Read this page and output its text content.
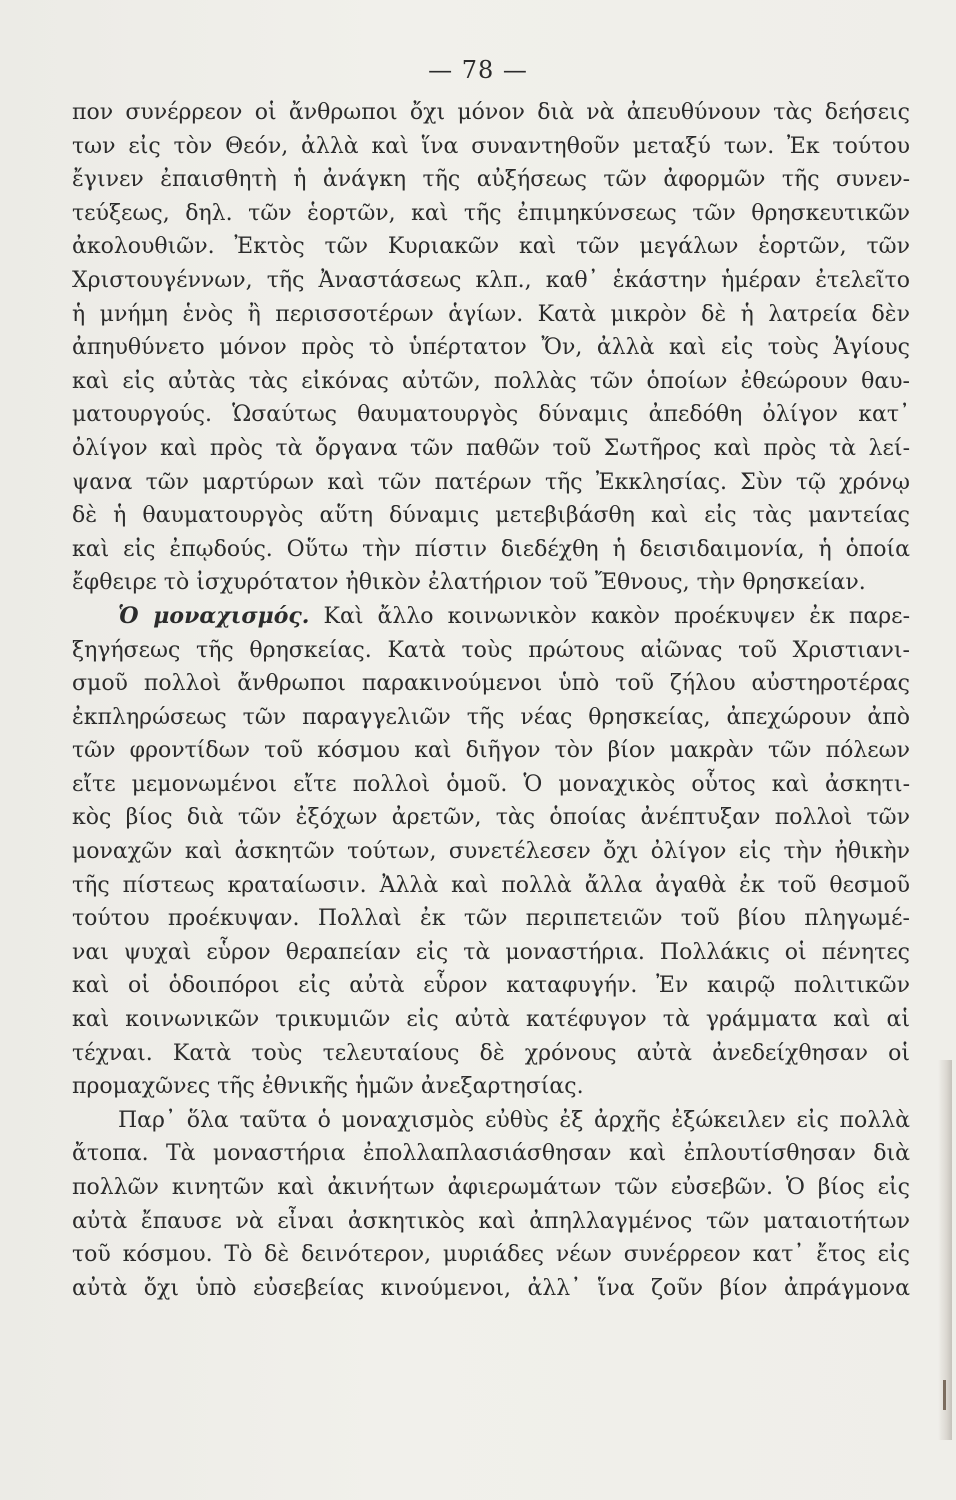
— 78 —
πον συνέρρεον οἱ ἄνθρωποι ὄχι μόνον διὰ νὰ ἀπευθύνουν τὰς δεήσεις
των εἰς τὸν Θεόν, ἀλλὰ καὶ ἵνα συναντηθοῦν μεταξύ των. Ἐκ τούτου
ἔγινεν ἐπαισθητὴ ἡ ἀνάγκη τῆς αὐξήσεως τῶν ἀφορμῶν τῆς συνεν-
τεύξεως, δηλ. τῶν ἑορτῶν, καὶ τῆς ἐπιμηκύνσεως τῶν θρησκευτικῶν
ἀκολουθιῶν. Ἐκτὸς τῶν Κυριακῶν καὶ τῶν μεγάλων ἑορτῶν, τῶν
Χριστουγέννων, τῆς Ἀναστάσεως κλπ., καθ᾿ ἑκάστην ἡμέραν ἐτελεῖτο
ἡ μνήμη ἑνὸς ἢ περισσοτέρων ἁγίων. Κατὰ μικρὸν δὲ ἡ λατρεία δὲν
ἀπηυθύνετο μόνον πρὸς τὸ ὑπέρτατον Ὄν, ἀλλὰ καὶ εἰς τοὺς Ἁγίους
καὶ εἰς αὐτὰς τὰς εἰκόνας αὐτῶν, πολλὰς τῶν ὁποίων ἐθεώρουν θαυ-
ματουργούς. Ὡσαύτως θαυματουργὸς δύναμις ἀπεδόθη ὀλίγον κατ᾿
ὀλίγον καὶ πρὸς τὰ ὄργανα τῶν παθῶν τοῦ Σωτῆρος καὶ πρὸς τὰ λεί-
ψανα τῶν μαρτύρων καὶ τῶν πατέρων τῆς Ἐκκλησίας. Σὺν τῷ χρόνῳ
δὲ ἡ θαυματουργὸς αὕτη δύναμις μετεβιβάσθη καὶ εἰς τὰς μαντείας
καὶ εἰς ἐπῳδούς. Οὕτω τὴν πίστιν διεδέχθη ἡ δεισιδαιμονία, ἡ ὁποία
ἔφθειρε τὸ ἰσχυρότατον ἠθικὸν ἐλατήριον τοῦ Ἔθνους, τὴν θρησκείαν.
Ὁ μοναχισμός. Καὶ ἄλλο κοινωνικὸν κακὸν προέκυψεν ἐκ παρε-
ξηγήσεως τῆς θρησκείας. Κατὰ τοὺς πρώτους αἰῶνας τοῦ Χριστιανι-
σμοῦ πολλοὶ ἄνθρωποι παρακινούμενοι ὑπὸ τοῦ ζήλου αὐστηροτέρας
ἐκπληρώσεως τῶν παραγγελιῶν τῆς νέας θρησκείας, ἀπεχώρουν ἀπὸ
τῶν φροντίδων τοῦ κόσμου καὶ διῆγον τὸν βίον μακρὰν τῶν πόλεων
εἴτε μεμονωμένοι εἴτε πολλοὶ ὁμοῦ. Ὁ μοναχικὸς οὗτος καὶ ἀσκητι-
κὸς βίος διὰ τῶν ἐξόχων ἀρετῶν, τὰς ὁποίας ἀνέπτυξαν πολλοὶ τῶν
μοναχῶν καὶ ἀσκητῶν τούτων, συνετέλεσεν ὄχι ὀλίγον εἰς τὴν ἠθικὴν
τῆς πίστεως κραταίωσιν. Ἀλλὰ καὶ πολλὰ ἄλλα ἀγαθὰ ἐκ τοῦ θεσμοῦ
τούτου προέκυψαν. Πολλαὶ ἐκ τῶν περιπετειῶν τοῦ βίου πληγωμέ-
ναι ψυχαὶ εὗρον θεραπείαν εἰς τὰ μοναστήρια. Πολλάκις οἱ πένητες
καὶ οἱ ὁδοιπόροι εἰς αὐτὰ εὗρον καταφυγήν. Ἐν καιρῷ πολιτικῶν
καὶ κοινωνικῶν τρικυμιῶν εἰς αὐτὰ κατέφυγον τὰ γράμματα καὶ αἱ
τέχναι. Κατὰ τοὺς τελευταίους δὲ χρόνους αὐτὰ ἀνεδείχθησαν οἱ
προμαχῶνες τῆς ἐθνικῆς ἡμῶν ἀνεξαρτησίας.
Παρ᾿ ὅλα ταῦτα ὁ μοναχισμὸς εὐθὺς ἐξ ἀρχῆς ἐξώκειλεν εἰς πολλὰ
ἄτοπα. Τὰ μοναστήρια ἐπολλαπλασιάσθησαν καὶ ἐπλουτίσθησαν διὰ
πολλῶν κινητῶν καὶ ἀκινήτων ἀφιερωμάτων τῶν εὐσεβῶν. Ὁ βίος εἰς
αὐτὰ ἔπαυσε νὰ εἶναι ἀσκητικὸς καὶ ἀπηλλαγμένος τῶν ματαιοτήτων
τοῦ κόσμου. Τὸ δὲ δεινότερον, μυριάδες νέων συνέρρεον κατ᾿ ἔτος εἰς
αὐτὰ ὄχι ὑπὸ εὐσεβείας κινούμενοι, ἀλλ᾿ ἵνα ζοῦν βίον ἀπράγμονα
